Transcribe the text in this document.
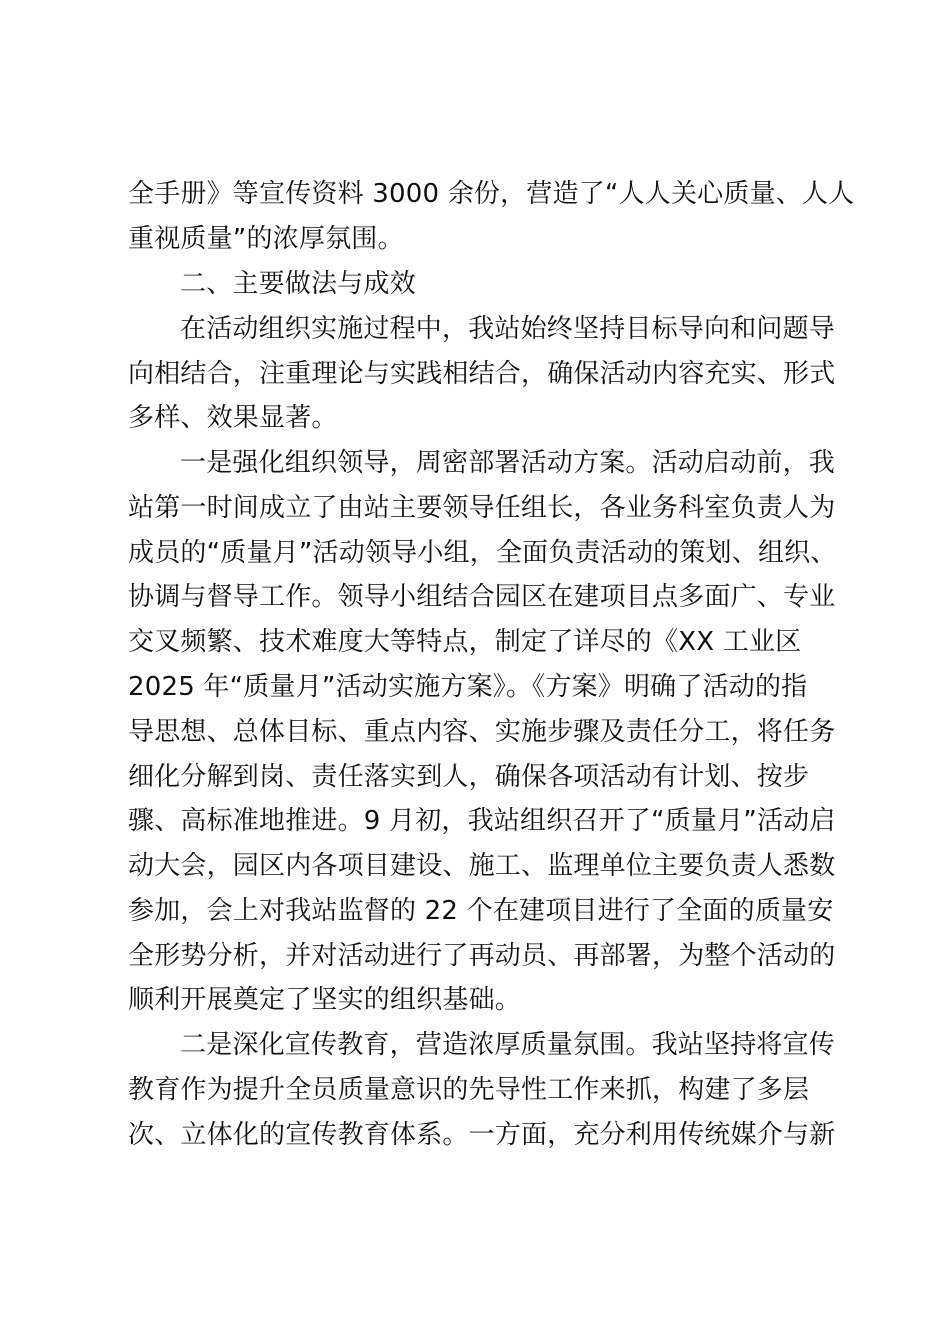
全手册》等宣传资料 3000 余份，营造了“人人关心质量、人人

重视质量”的浓厚氛围。

二、主要做法与成效

在活动组织实施过程中，我站始终坚持目标导向和问题导

向相结合，注重理论与实践相结合，确保活动内容充实、形式

多样、效果显著。

一是强化组织领导，周密部署活动方案。活动启动前，我

站第一时间成立了由站主要领导任组长，各业务科室负责人为

成员的“质量月”活动领导小组，全面负责活动的策划、组织、

协调与督导工作。领导小组结合园区在建项目点多面广、专业

交叉频繁、技术难度大等特点，制定了详尽的《XX 工业区

2025 年“质量月”活动实施方案》。《方案》明确了活动的指

导思想、总体目标、重点内容、实施步骤及责任分工，将任务

细化分解到岗、责任落实到人，确保各项活动有计划、按步

骤、高标准地推进。9 月初，我站组织召开了“质量月”活动启

动大会，园区内各项目建设、施工、监理单位主要负责人悉数

参加，会上对我站监督的 22 个在建项目进行了全面的质量安

全形势分析，并对活动进行了再动员、再部署，为整个活动的

顺利开展奠定了坚实的组织基础。

二是深化宣传教育，营造浓厚质量氛围。我站坚持将宣传

教育作为提升全员质量意识的先导性工作来抓，构建了多层

次、立体化的宣传教育体系。一方面，充分利用传统媒介与新
